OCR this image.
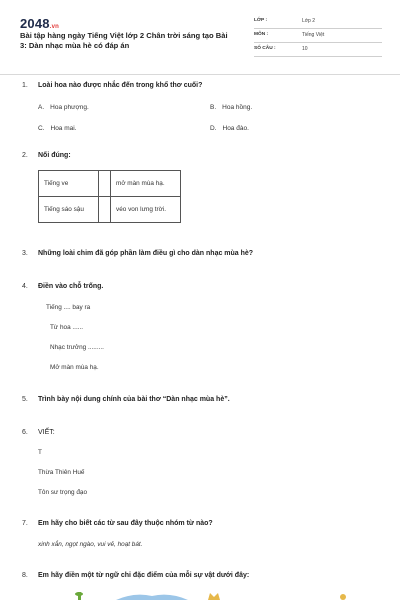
2048.vn
Bài tập hàng ngày Tiếng Việt lớp 2 Chân trời sáng tạo Bài 3: Dàn nhạc mùa hè có đáp án
LỚP :	Lớp 2
MÔN :	Tiếng Việt
SỐ CÂU :	10
1. Loài hoa nào được nhắc đến trong khổ thơ cuối?
A. Hoa phượng.	B. Hoa hồng.
C. Hoa mai.	D. Hoa đào.
2. Nối đúng:
Tiếng ve		mở màn mùa hạ.
Tiếng sáo sậu		véo von lưng trời.
3. Những loài chim đã góp phần làm điều gì cho dàn nhạc mùa hè?
4. Điền vào chỗ trống.
Tiếng .... bay ra
Từ hoa ......
Nhạc trưởng .........
Mở màn mùa hạ.
5. Trình bày nội dung chính của bài thơ “Dàn nhạc mùa hè”.
6. VIẾT:
T
Thừa Thiên Huế
Tôn sư trọng đạo
7. Em hãy cho biết các từ sau đây thuộc nhóm từ nào?
xinh xắn, ngọt ngào, vui vẻ, hoạt bát.
8. Em hãy điền một từ ngữ chỉ đặc điểm của mỗi sự vật dưới đây:
